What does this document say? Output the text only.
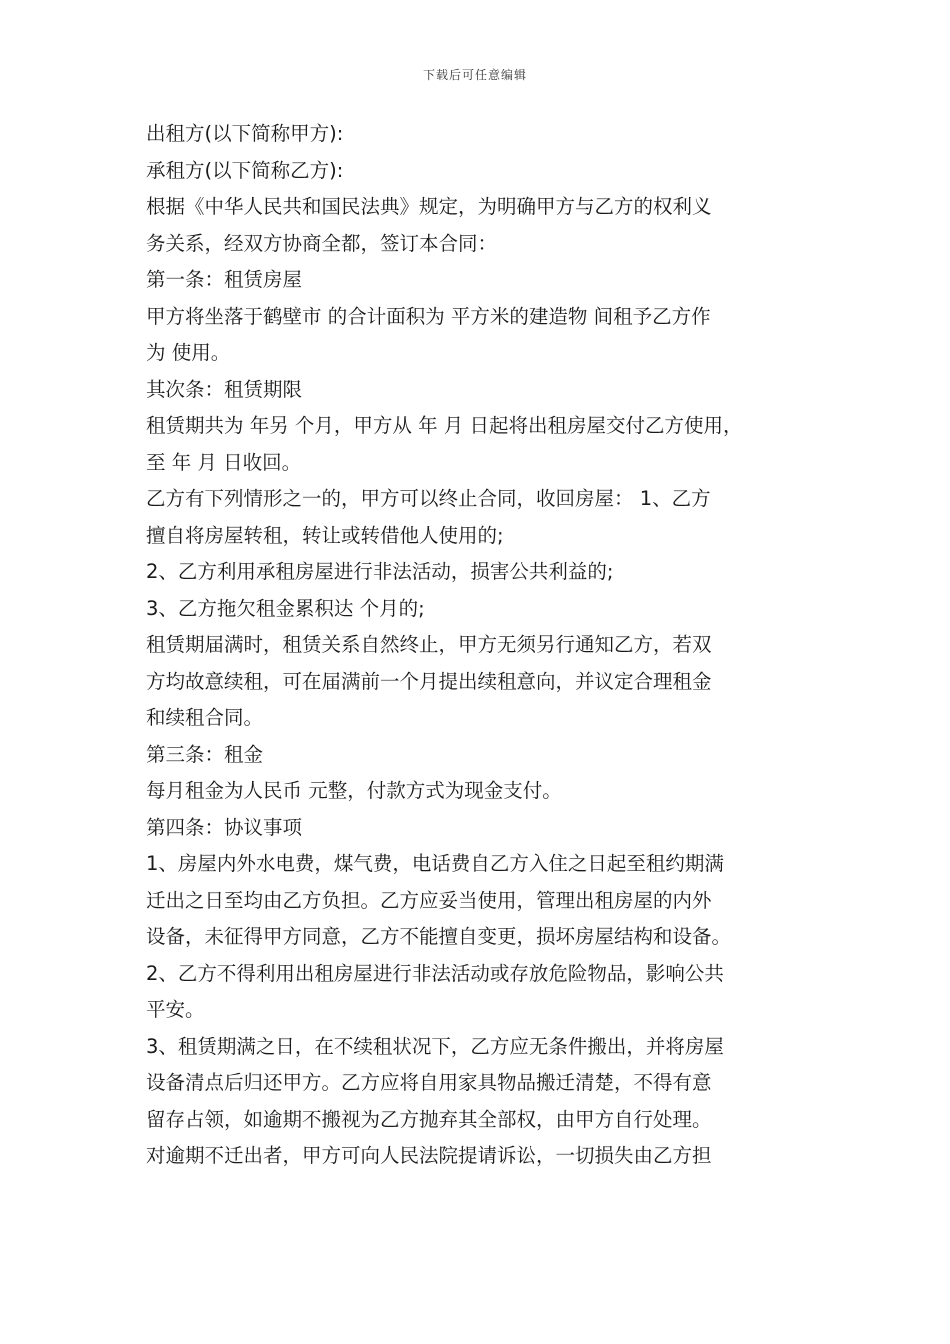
下载后可任意编辑
出租方(以下简称甲方):
承租方(以下简称乙方):
根据《中华人民共和国民法典》规定，为明确甲方与乙方的权利义
务关系，经双方协商全都，签订本合同：
第一条：租赁房屋
甲方将坐落于鹤壁市 的合计面积为 平方米的建造物 间租予乙方作
为 使用。
其次条：租赁期限
租赁期共为 年另 个月，甲方从 年 月 日起将出租房屋交付乙方使用，
至 年 月 日收回。
乙方有下列情形之一的，甲方可以终止合同，收回房屋： 1、乙方
擅自将房屋转租，转让或转借他人使用的;
2、乙方利用承租房屋进行非法活动，损害公共利益的;
3、乙方拖欠租金累积达 个月的;
租赁期届满时，租赁关系自然终止，甲方无须另行通知乙方，若双
方均故意续租，可在届满前一个月提出续租意向，并议定合理租金
和续租合同。
第三条：租金
每月租金为人民币 元整，付款方式为现金支付。
第四条：协议事项
1、房屋内外水电费，煤气费，电话费自乙方入住之日起至租约期满
迁出之日至均由乙方负担。乙方应妥当使用，管理出租房屋的内外
设备，未征得甲方同意，乙方不能擅自变更，损坏房屋结构和设备。
2、乙方不得利用出租房屋进行非法活动或存放危险物品，影响公共
平安。
3、租赁期满之日，在不续租状况下，乙方应无条件搬出，并将房屋
设备清点后归还甲方。乙方应将自用家具物品搬迁清楚，不得有意
留存占领，如逾期不搬视为乙方抛弃其全部权，由甲方自行处理。
对逾期不迁出者，甲方可向人民法院提请诉讼，一切损失由乙方担
